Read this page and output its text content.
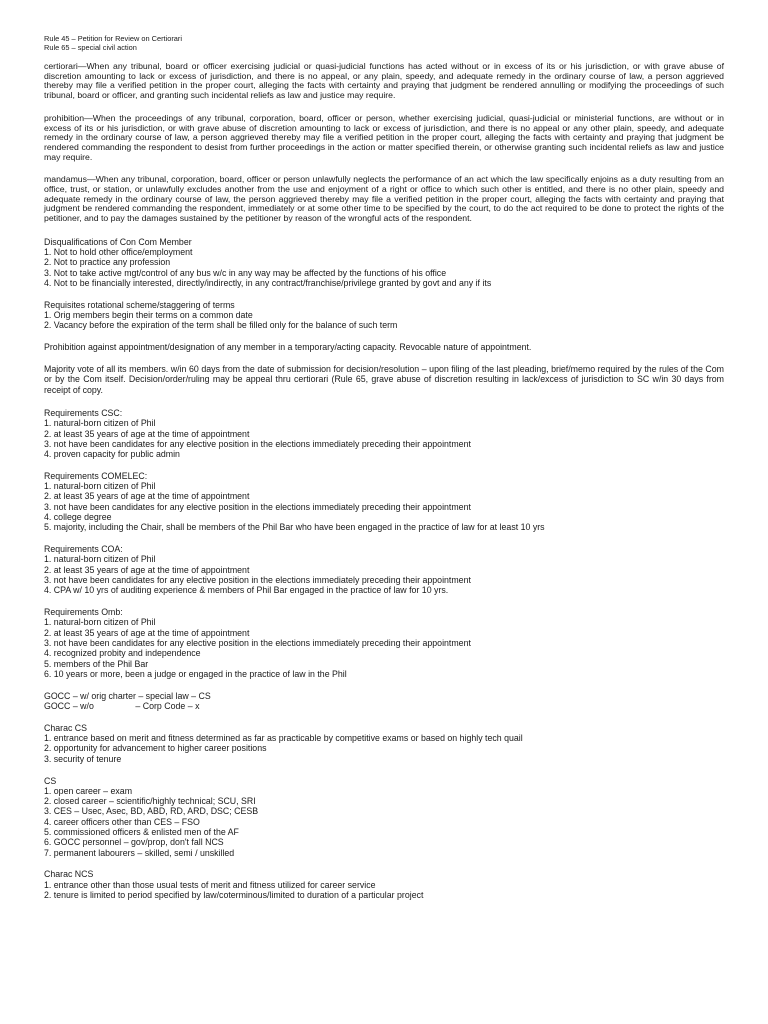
Rule 45 – Petition for Review on Certiorari

Rule 65 – special civil action

certiorari—When any tribunal, board or officer exercising judicial or quasi-judicial functions has acted without or in excess of its or his jurisdiction, or with grave abuse of discretion amounting to lack or excess of jurisdiction, and there is no appeal, or any plain, speedy, and adequate remedy in the ordinary course of law, a person aggrieved thereby may file a verified petition in the proper court, alleging the facts with certainty and praying that judgment be rendered annulling or modifying the proceedings of such tribunal, board or officer, and granting such incidental reliefs as law and justice may require.

prohibition—When the proceedings of any tribunal, corporation, board, officer or person, whether exercising judicial, quasi-judicial or ministerial functions, are without or in excess of its or his jurisdiction, or with grave abuse of discretion amounting to lack or excess of jurisdiction, and there is no appeal or any other plain, speedy, and adequate remedy in the ordinary course of law, a person aggrieved thereby may file a verified petition in the proper court, alleging the facts with certainty and praying that judgment be rendered commanding the respondent to desist from further proceedings in the action or matter specified therein, or otherwise granting such incidental reliefs as law and justice may require.

mandamus—When any tribunal, corporation, board, officer or person unlawfully neglects the performance of an act which the law specifically enjoins as a duty resulting from an office, trust, or station, or unlawfully excludes another from the use and enjoyment of a right or office to which such other is entitled, and there is no other plain, speedy and adequate remedy in the ordinary course of law, the person aggrieved thereby may file a verified petition in the proper court, alleging the facts with certainty and praying that judgment be rendered commanding the respondent, immediately or at some other time to be specified by the court, to do the act required to be done to protect the rights of the petitioner, and to pay the damages sustained by the petitioner by reason of the wrongful acts of the respondent.

Disqualifications of Con Com Member
1. Not to hold other office/employment
2. Not to practice any profession
3. Not to take active mgt/control of any bus w/c in any way may be affected by the functions of his office
4. Not to be financially interested, directly/indirectly, in any contract/franchise/privilege granted by govt and any if its
Requisites rotational scheme/staggering of terms
1. Orig members begin their terms on a common date
2. Vacancy before the expiration of the term shall be filled only for the balance of such term
Prohibition against appointment/designation of any member in a temporary/acting capacity. Revocable nature of appointment.

Majority vote of all its members. w/in 60 days from the date of submission for decision/resolution – upon filing of the last pleading, brief/memo required by the rules of the Com or by the Com itself. Decision/order/ruling may be appeal thru certiorari (Rule 65, grave abuse of discretion resulting in lack/excess of jurisdiction to SC w/in 30 days from receipt of copy.

Requirements CSC:
1. natural-born citizen of Phil
2. at least 35 years of age at the time of appointment
3. not have been candidates for any elective position in the elections immediately preceding their appointment
4. proven capacity for public admin
Requirements COMELEC:
1. natural-born citizen of Phil
2. at least 35 years of age at the time of appointment
3. not have been candidates for any elective position in the elections immediately preceding their appointment
4. college degree
5. majority, including the Chair, shall be members of the Phil Bar who have been engaged in the practice of law for at least 10 yrs
Requirements COA:
1. natural-born citizen of Phil
2. at least 35 years of age at the time of appointment
3. not have been candidates for any elective position in the elections immediately preceding their appointment
4. CPA w/ 10 yrs of auditing experience & members of Phil Bar engaged in the practice of law for 10 yrs.
Requirements Omb:
1. natural-born citizen of Phil
2. at least 35 years of age at the time of appointment
3. not have been candidates for any elective position in the elections immediately preceding their appointment
4. recognized probity and independence
5. members of the Phil Bar
6. 10 years or more, been a judge or engaged in the practice of law in the Phil
GOCC – w/ orig charter – special law – CS
GOCC – w/o                 – Corp Code – x
Charac CS
1. entrance based on merit and fitness determined as far as practicable by competitive exams or based on highly tech quail
2. opportunity for advancement to higher career positions
3. security of tenure
CS
1. open career – exam
2. closed career – scientific/highly technical; SCU, SRI
3. CES – Usec, Asec, BD, ABD, RD, ARD, DSC; CESB
4. career officers other than CES – FSO
5. commissioned officers & enlisted men of the AF
6. GOCC personnel – gov/prop, don't fall NCS
7. permanent labourers – skilled, semi / unskilled
Charac NCS
1. entrance other than those usual tests of merit and fitness utilized for career service
2. tenure is limited to period specified by law/coterminous/limited to duration of a particular project
